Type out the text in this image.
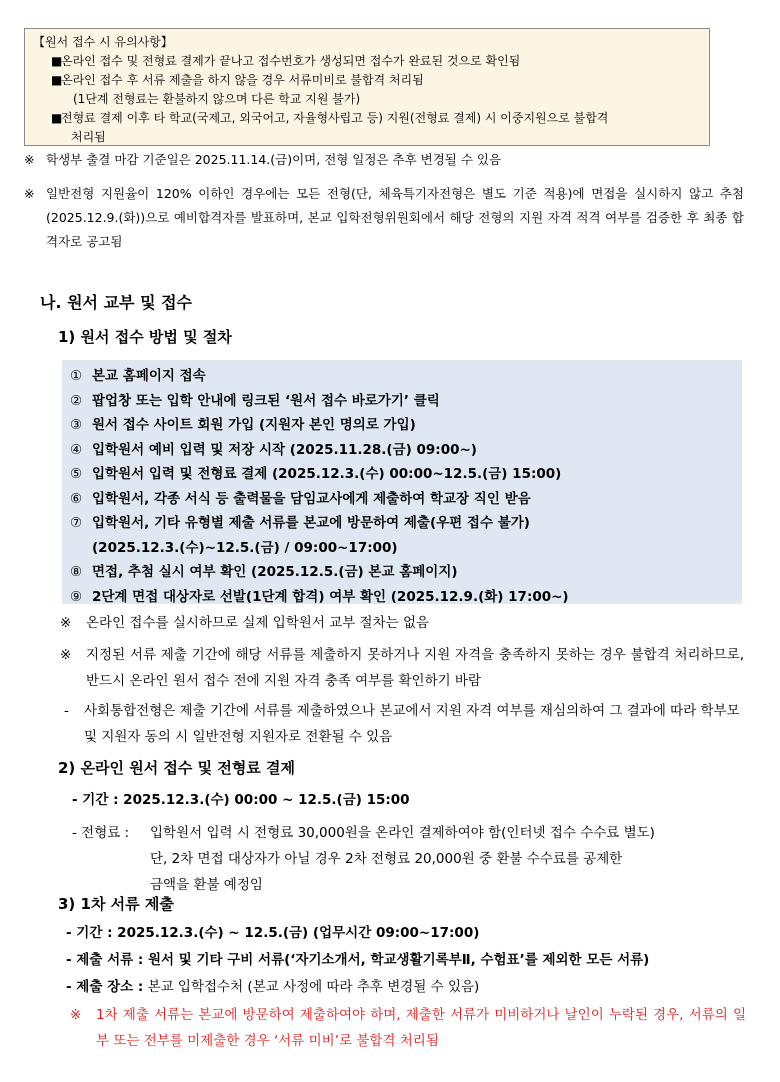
【원서 접수 시 유의사항】
■
온라인 접수 및 전형료 결제가 끝나고 접수번호가 생성되면 접수가 완료된 것으로 확인됨
■
온라인 접수 후 서류 제출을 하지 않을 경우 서류미비로 불합격 처리됨
(1단계 전형료는 환불하지 않으며 다른 학교 지원 불가)
■
전형료 결제 이후 타 학교(국제고, 외국어고, 자율형사립고 등) 지원(전형료 결제) 시 이중지원으로 불합격
처리됨
※ 학생부 출결 마감 기준일은 2025.11.14.(금)이며, 전형 일정은 추후 변경될 수 있음
※ 일반전형 지원율이 120% 이하인 경우에는 모든 전형(단, 체육특기자전형은 별도 기준 적용)에 면접을 실시하지 않고 추첨(2025.12.9.(화))으로 예비합격자를 발표하며, 본교 입학전형위원회에서 해당 전형의 지원 자격 적격 여부를 검증한 후 최종 합격자로 공고됨
나. 원서 교부 및 접수
1) 원서 접수 방법 및 절차
① 본교 홈페이지 접속
② 팝업창 또는 입학 안내에 링크된 ‘원서 접수 바로가기’ 클릭
③ 원서 접수 사이트 회원 가입 (지원자 본인 명의로 가입)
④ 입학원서 예비 입력 및 저장 시작 (2025.11.28.(금) 09:00~)
⑤ 입학원서 입력 및 전형료 결제 (2025.12.3.(수) 00:00~12.5.(금) 15:00)
⑥ 입학원서, 각종 서식 등 출력물을 담임교사에게 제출하여 학교장 직인 받음
⑦ 입학원서, 기타 유형별 제출 서류를 본교에 방문하여 제출(우편 접수 불가)
(2025.12.3.(수)~12.5.(금) / 09:00~17:00)
⑧ 면접, 추첨 실시 여부 확인 (2025.12.5.(금) 본교 홈페이지)
⑨ 2단계 면접 대상자로 선발(1단계 합격) 여부 확인 (2025.12.9.(화) 17:00~)
※ 온라인 접수를 실시하므로 실제 입학원서 교부 절차는 없음
※ 지정된 서류 제출 기간에 해당 서류를 제출하지 못하거나 지원 자격을 충족하지 못하는 경우 불합격 처리하므로, 반드시 온라인 원서 접수 전에 지원 자격 충족 여부를 확인하기 바람
- 사회통합전형은 제출 기간에 서류를 제출하였으나 본교에서 지원 자격 여부를 재심의하여 그 결과에 따라 학부모 및 지원자 동의 시 일반전형 지원자로 전환될 수 있음
2) 온라인 원서 접수 및 전형료 결제
- 기간 : 2025.12.3.(수) 00:00 ~ 12.5.(금) 15:00
- 전형료 : 입학원서 입력 시 전형료 30,000원을 온라인 결제하여야 함(인터넷 접수 수수료 별도)
단, 2차 면접 대상자가 아닐 경우 2차 전형료 20,000원 중 환불 수수료를 공제한
금액을 환불 예정임
3) 1차 서류 제출
- 기간 : 2025.12.3.(수) ~ 12.5.(금) (업무시간 09:00~17:00)
- 제출 서류 : 원서 및 기타 구비 서류(‘자기소개서, 학교생활기록부Ⅱ, 수험표’를 제외한 모든 서류)
- 제출 장소 : 본교 입학접수처 (본교 사정에 따라 추후 변경될 수 있음)
※ 1차 제출 서류는 본교에 방문하여 제출하여야 하며, 제출한 서류가 미비하거나 날인이 누락된 경우, 서류의 일부 또는 전부를 미제출한 경우 ‘서류 미비’로 불합격 처리됨
